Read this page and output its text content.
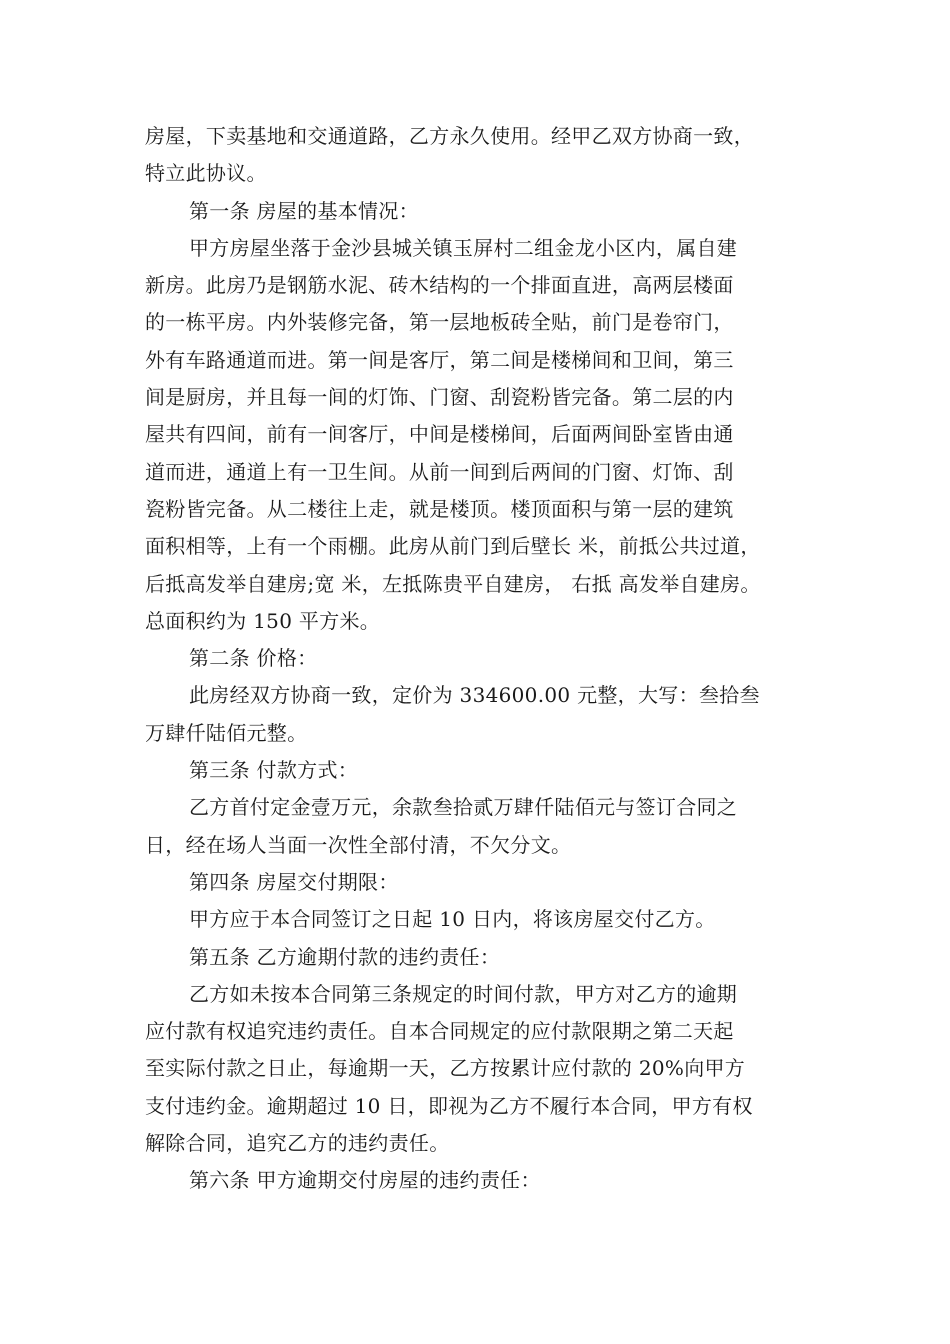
房屋，下卖基地和交通道路，乙方永久使用。经甲乙双方协商一致，
特立此协议。
第一条 房屋的基本情况：
甲方房屋坐落于金沙县城关镇玉屏村二组金龙小区内，属自建
新房。此房乃是钢筋水泥、砖木结构的一个排面直进，高两层楼面
的一栋平房。内外装修完备，第一层地板砖全贴，前门是卷帘门，
外有车路通道而进。第一间是客厅，第二间是楼梯间和卫间，第三
间是厨房，并且每一间的灯饰、门窗、刮瓷粉皆完备。第二层的内
屋共有四间，前有一间客厅，中间是楼梯间，后面两间卧室皆由通
道而进，通道上有一卫生间。从前一间到后两间的门窗、灯饰、刮
瓷粉皆完备。从二楼往上走，就是楼顶。楼顶面积与第一层的建筑
面积相等，上有一个雨棚。此房从前门到后壁长 米，前抵公共过道，
后抵高发举自建房;宽 米，左抵陈贵平自建房， 右抵 高发举自建房。
总面积约为 150 平方米。
第二条 价格：
此房经双方协商一致，定价为 334600.00 元整，大写：叁拾叁
万肆仟陆佰元整。
第三条 付款方式：
乙方首付定金壹万元，余款叁拾贰万肆仟陆佰元与签订合同之
日，经在场人当面一次性全部付清，不欠分文。
第四条 房屋交付期限：
甲方应于本合同签订之日起 10 日内，将该房屋交付乙方。
第五条 乙方逾期付款的违约责任：
乙方如未按本合同第三条规定的时间付款，甲方对乙方的逾期
应付款有权追究违约责任。自本合同规定的应付款限期之第二天起
至实际付款之日止，每逾期一天，乙方按累计应付款的 20%向甲方
支付违约金。逾期超过 10 日，即视为乙方不履行本合同，甲方有权
解除合同，追究乙方的违约责任。
第六条 甲方逾期交付房屋的违约责任：
